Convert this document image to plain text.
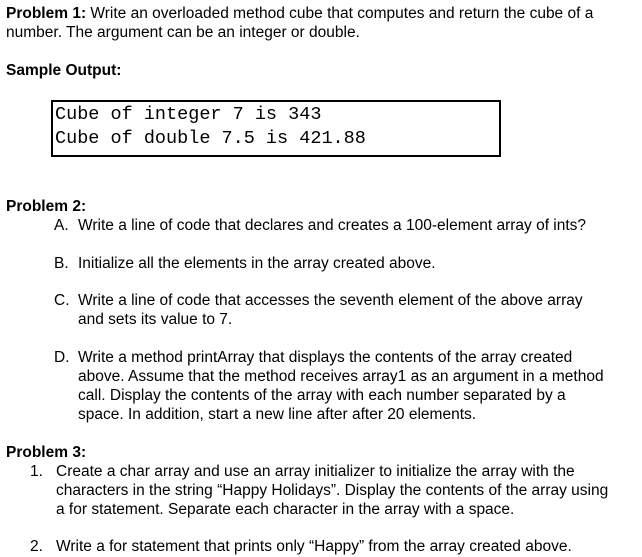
Problem 1: Write an overloaded method cube that computes and return the cube of a
number. The argument can be an integer or double.
Sample Output:
Cube of integer 7 is 343
Cube of double 7.5 is 421.88
Problem 2:
A. Write a line of code that declares and creates a 100-element array of ints?
B. Initialize all the elements in the array created above.
C. Write a line of code that accesses the seventh element of the above array
and sets its value to 7.
D. Write a method printArray that displays the contents of the array created
above. Assume that the method receives array1 as an argument in a method
call. Display the contents of the array with each number separated by a
space. In addition, start a new line after after 20 elements.
Problem 3:
1. Create a char array and use an array initializer to initialize the array with the
characters in the string “Happy Holidays”. Display the contents of the array using
a for statement. Separate each character in the array with a space.
2. Write a for statement that prints only “Happy” from the array created above.
